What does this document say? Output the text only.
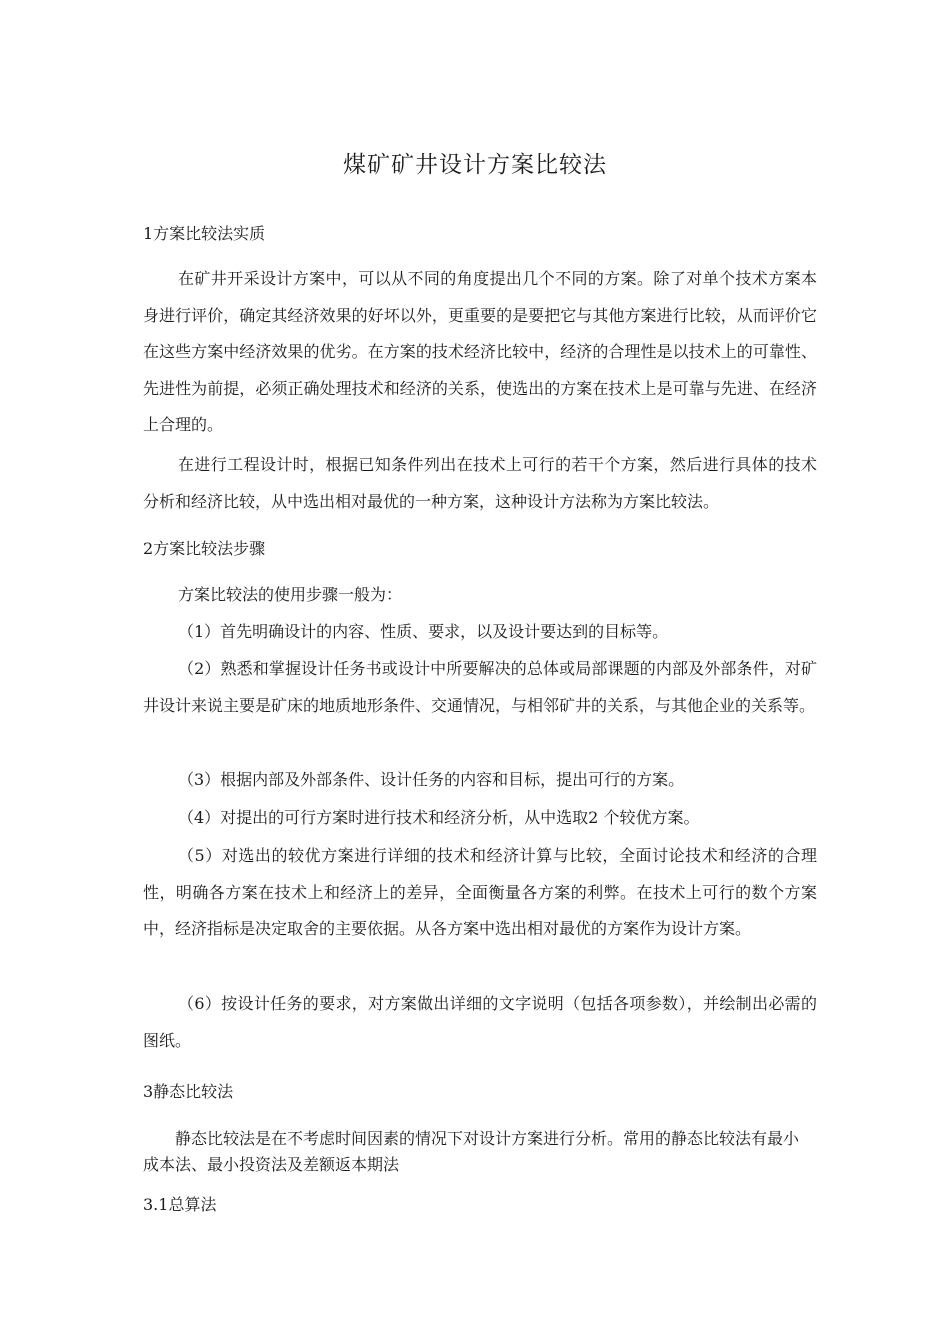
煤矿矿井设计方案比较法
1方案比较法实质
在矿井开采设计方案中，可以从不同的角度提出几个不同的方案。除了对单个技术方案本身进行评价，确定其经济效果的好坏以外，更重要的是要把它与其他方案进行比较，从而评价它在这些方案中经济效果的优劣。在方案的技术经济比较中，经济的合理性是以技术上的可靠性、先进性为前提，必须正确处理技术和经济的关系，使选出的方案在技术上是可靠与先进、在经济上合理的。
在进行工程设计时，根据已知条件列出在技术上可行的若干个方案，然后进行具体的技术分析和经济比较，从中选出相对最优的一种方案，这种设计方法称为方案比较法。
2方案比较法步骤
方案比较法的使用步骤一般为：
（1）首先明确设计的内容、性质、要求，以及设计要达到的目标等。
（2）熟悉和掌握设计任务书或设计中所要解决的总体或局部课题的内部及外部条件，对矿井设计来说主要是矿床的地质地形条件、交通情况，与相邻矿井的关系，与其他企业的关系等。
（3）根据内部及外部条件、设计任务的内容和目标，提出可行的方案。
（4）对提出的可行方案时进行技术和经济分析，从中选取2 个较优方案。
（5）对选出的较优方案进行详细的技术和经济计算与比较，全面讨论技术和经济的合理性，明确各方案在技术上和经济上的差异，全面衡量各方案的利弊。在技术上可行的数个方案中，经济指标是决定取舍的主要依据。从各方案中选出相对最优的方案作为设计方案。
（6）按设计任务的要求，对方案做出详细的文字说明（包括各项参数），并绘制出必需的图纸。
3静态比较法
静态比较法是在不考虑时间因素的情况下对设计方案进行分析。常用的静态比较法有最小成本法、最小投资法及差额返本期法
3.1总算法
